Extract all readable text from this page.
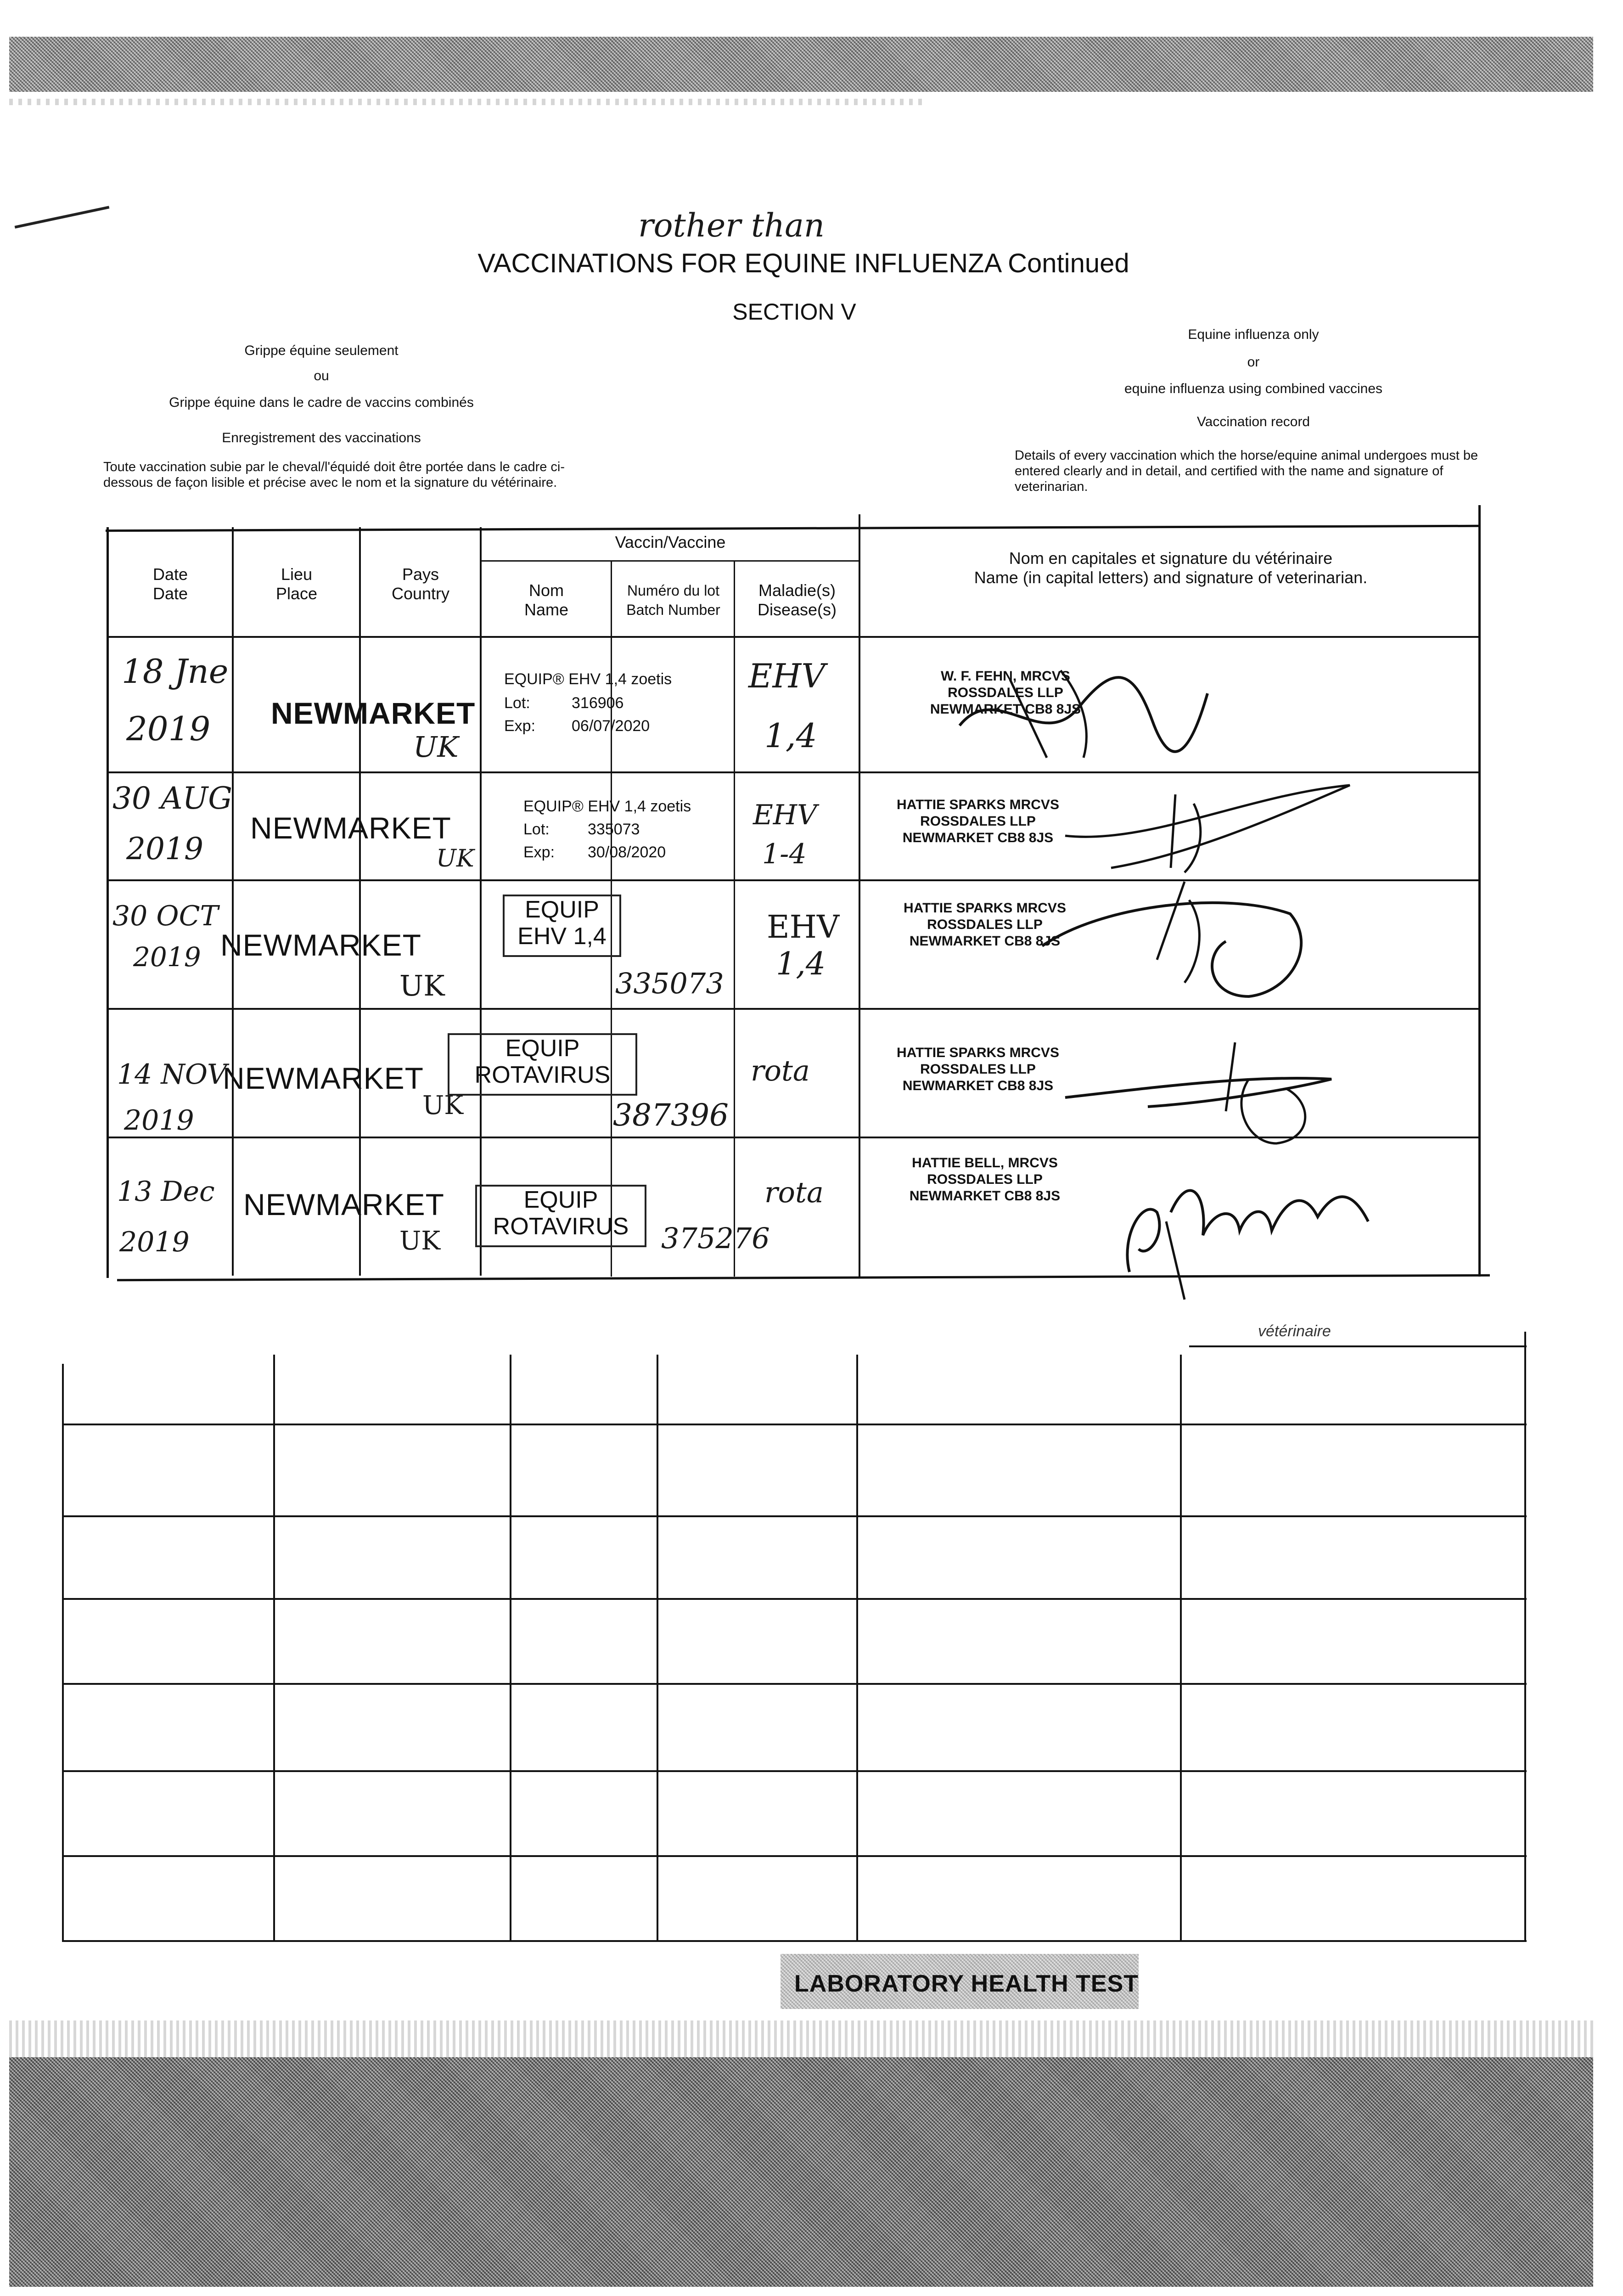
rother than
VACCINATIONS FOR EQUINE INFLUENZA Continued
SECTION V
Grippe équine seulement
ou
Grippe équine dans le cadre de vaccins combinés
Enregistrement des vaccinations
Toute vaccination subie par le cheval/l'équidé doit être portée dans le cadre ci-dessous de façon lisible et précise avec le nom et la signature du vétérinaire.
Equine influenza only
or
equine influenza using combined vaccines
Vaccination record
Details of every vaccination which the horse/equine animal undergoes must be entered clearly and in detail, and certified with the name and signature of veterinarian.
Date
Date
Lieu
Place
Pays
Country
Vaccin/Vaccine
Nom
Name
Numéro du lot
Batch Number
Maladie(s)
Disease(s)
Nom en capitales et signature du vétérinaire
Name (in capital letters) and signature of veterinarian.
18 Jne
2019 NEWMARKET
UK
EQUIP® EHV 1,4 zoetis
Lot:	316906
Exp: 06/07/2020
EHV
1,4
W. F. FEHN, MRCVS
ROSSDALES LLP
NEWMARKET CB8 8JS
30 AUG
2019
NEWMARKET
UK
EQUIP® EHV 1,4 zoetis
Lot: 335073
Exp: 30/08/2020
EHV
1-4
HATTIE SPARKS MRCVS
ROSSDALES LLP
NEWMARKET CB8 8JS
30 OCT
2019 NEWMARKET
UK
EQUIP
EHV 1,4
335073
EHV
1,4
HATTIE SPARKS MRCVS
ROSSDALES LLP
NEWMARKET CB8 8JS
14 NOV
2019
NEWMARKET
UK
EQUIP
ROTAVIRUS
387396
rota
HATTIE SPARKS MRCVS
ROSSDALES LLP
NEWMARKET CB8 8JS
13 Dec
2019
NEWMARKET
UK
EQUIP
ROTAVIRUS	375276
rota
HATTIE BELL, MRCVS
ROSSDALES LLP
NEWMARKET CB8 8JS
vétérinaire
LABORATORY HEALTH TEST
